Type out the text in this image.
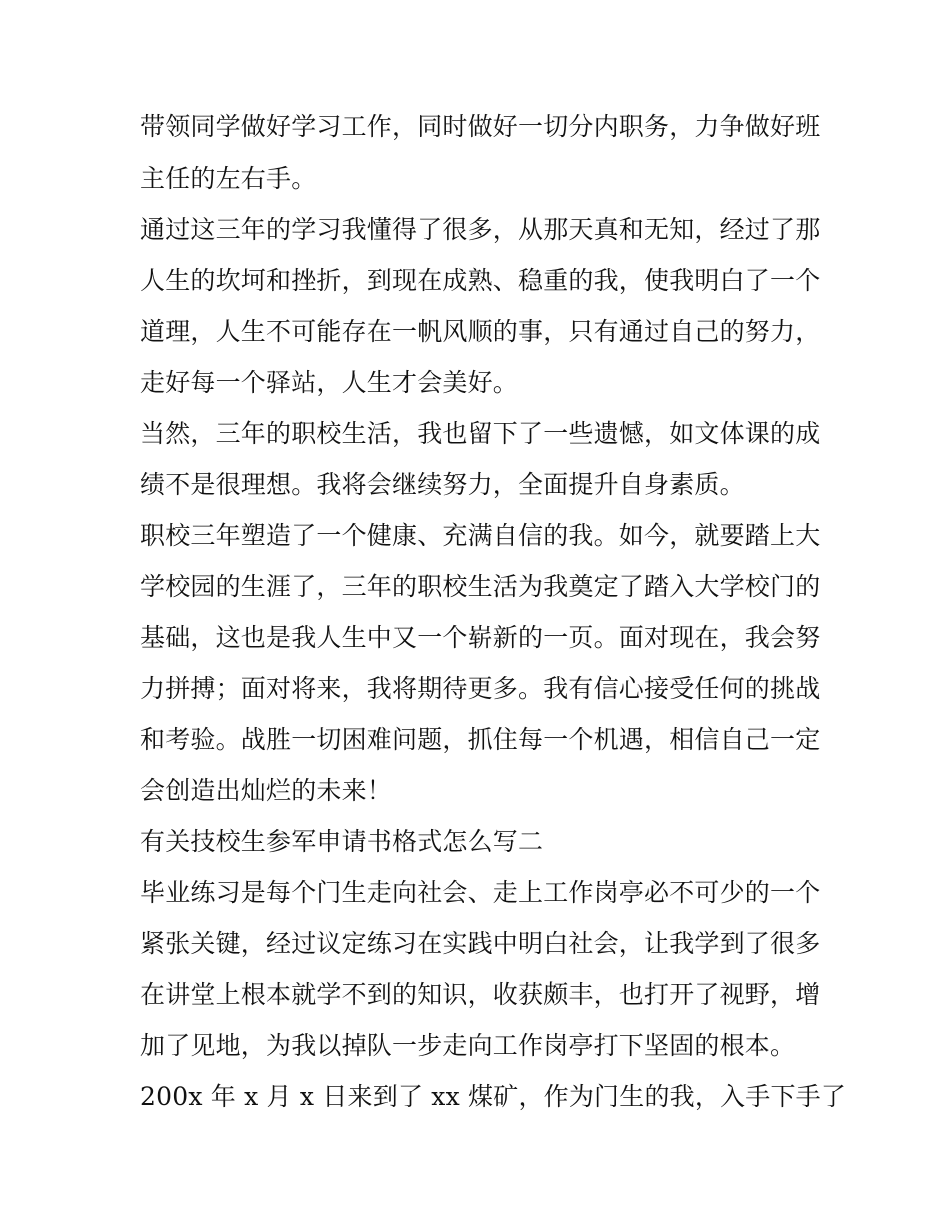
带领同学做好学习工作，同时做好一切分内职务，力争做好班
主任的左右手。
通过这三年的学习我懂得了很多，从那天真和无知，经过了那
人生的坎坷和挫折，到现在成熟、稳重的我，使我明白了一个
道理，人生不可能存在一帆风顺的事，只有通过自己的努力，
走好每一个驿站，人生才会美好。
当然，三年的职校生活，我也留下了一些遗憾，如文体课的成
绩不是很理想。我将会继续努力，全面提升自身素质。
职校三年塑造了一个健康、充满自信的我。如今，就要踏上大
学校园的生涯了，三年的职校生活为我奠定了踏入大学校门的
基础，这也是我人生中又一个崭新的一页。面对现在，我会努
力拼搏；面对将来，我将期待更多。我有信心接受任何的挑战
和考验。战胜一切困难问题，抓住每一个机遇，相信自己一定
会创造出灿烂的未来！
有关技校生参军申请书格式怎么写二
毕业练习是每个门生走向社会、走上工作岗亭必不可少的一个
紧张关键，经过议定练习在实践中明白社会，让我学到了很多
在讲堂上根本就学不到的知识，收获颇丰，也打开了视野，增
加了见地，为我以掉队一步走向工作岗亭打下坚固的根本。
200x 年 x 月 x 日来到了 xx 煤矿，作为门生的我，入手下手了
